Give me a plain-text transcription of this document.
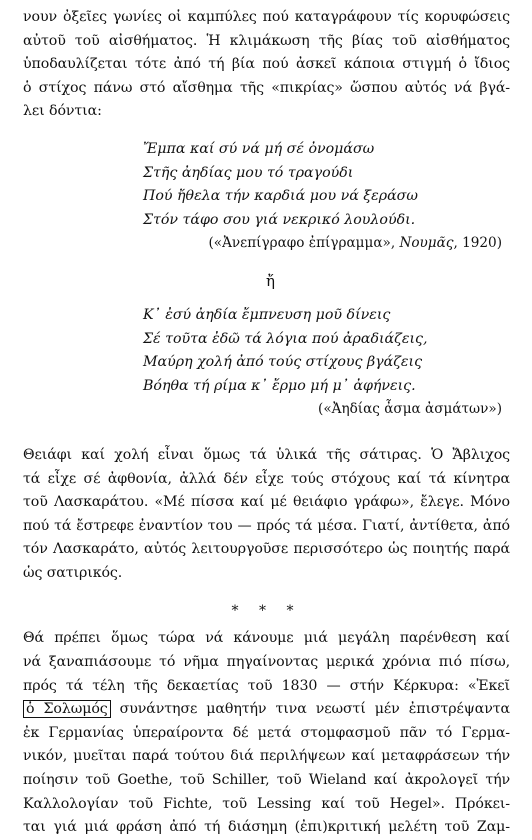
νουν ὀξεῖες γωνίες οἱ καμπύλες πού καταγράφουν τίς κορυφώσεις

αὐτοῦ τοῦ αἰσθήματος. Ἡ κλιμάκωση τῆς βίας τοῦ αἰσθήματος

ὑποδαυλίζεται τότε ἀπό τή βία πού ἀσκεῖ κάποια στιγμή ὁ ἴδιος

ὁ στίχος πάνω στό αἴσθημα τῆς «πικρίας» ὥσπου αὐτός νά βγά-

λει δόντια:

Ἔμπα καί σύ νά μή σέ ὀνομάσω
Στῆς ἀηδίας μου τό τραγούδι
Πού ἤθελα τήν καρδιά μου νά ξεράσω
Στόν τάφο σου γιά νεκρικό λουλούδι.
(«Ἀνεπίγραφο ἐπίγραμμα», Νουμᾶς, 1920)
ἤ
Κ᾽ ἐσύ ἀηδία ἔμπνευση μοῦ δίνεις
Σέ τοῦτα ἐδῶ τά λόγια πού ἀραδιάζεις,
Μαύρη χολή ἀπό τούς στίχους βγάζεις
Βόηθα τή ρίμα κ᾽ ἔρμο μή μ᾽ ἀφήνεις.
(«Ἀηδίας ἆσμα ἀσμάτων»)

Θειάφι καί χολή εἶναι ὅμως τά ὑλικά τῆς σάτιρας. Ὁ Ἄβλιχος

τά εἶχε σέ ἀφθονία, ἀλλά δέν εἶχε τούς στόχους καί τά κίνητρα

τοῦ Λασκαράτου. «Μέ πίσσα καί μέ θειάφιο γράφω», ἔλεγε. Μόνο

πού τά ἔστρεφε ἐναντίον του — πρός τά μέσα. Γιατί, ἀντίθετα, ἀπό

τόν Λασκαράτο, αὐτός λειτουργοῦσε περισσότερο ὡς ποιητής παρά

ὡς σατιρικός.

* * *

Θά πρέπει ὅμως τώρα νά κάνουμε μιά μεγάλη παρένθεση καί

νά ξαναπιάσουμε τό νῆμα πηγαίνοντας μερικά χρόνια πιό πίσω,

πρός τά τέλη τῆς δεκαετίας τοῦ 1830 — στήν Κέρκυρα: «Ἐκεῖ

ὁ Σολωμός συνάντησε μαθητήν τινα νεωστί μέν ἐπιστρέψαντα

ἐκ Γερμανίας ὑπεραίροντα δέ μετά στομφασμοῦ πᾶν τό Γερμα-

νικόν, μυεῖται παρά τούτου διά περιλήψεων καί μεταφράσεων τήν

ποίησιν τοῦ Goethe, τοῦ Schiller, τοῦ Wieland καί ἀκρολογεῖ τήν

Καλλολογίαν τοῦ Fichte, τοῦ Lessing καί τοῦ Hegel». Πρόκει-

ται γιά μιά φράση ἀπό τή διάσημη (ἐπι)κριτική μελέτη τοῦ Ζαμ-
